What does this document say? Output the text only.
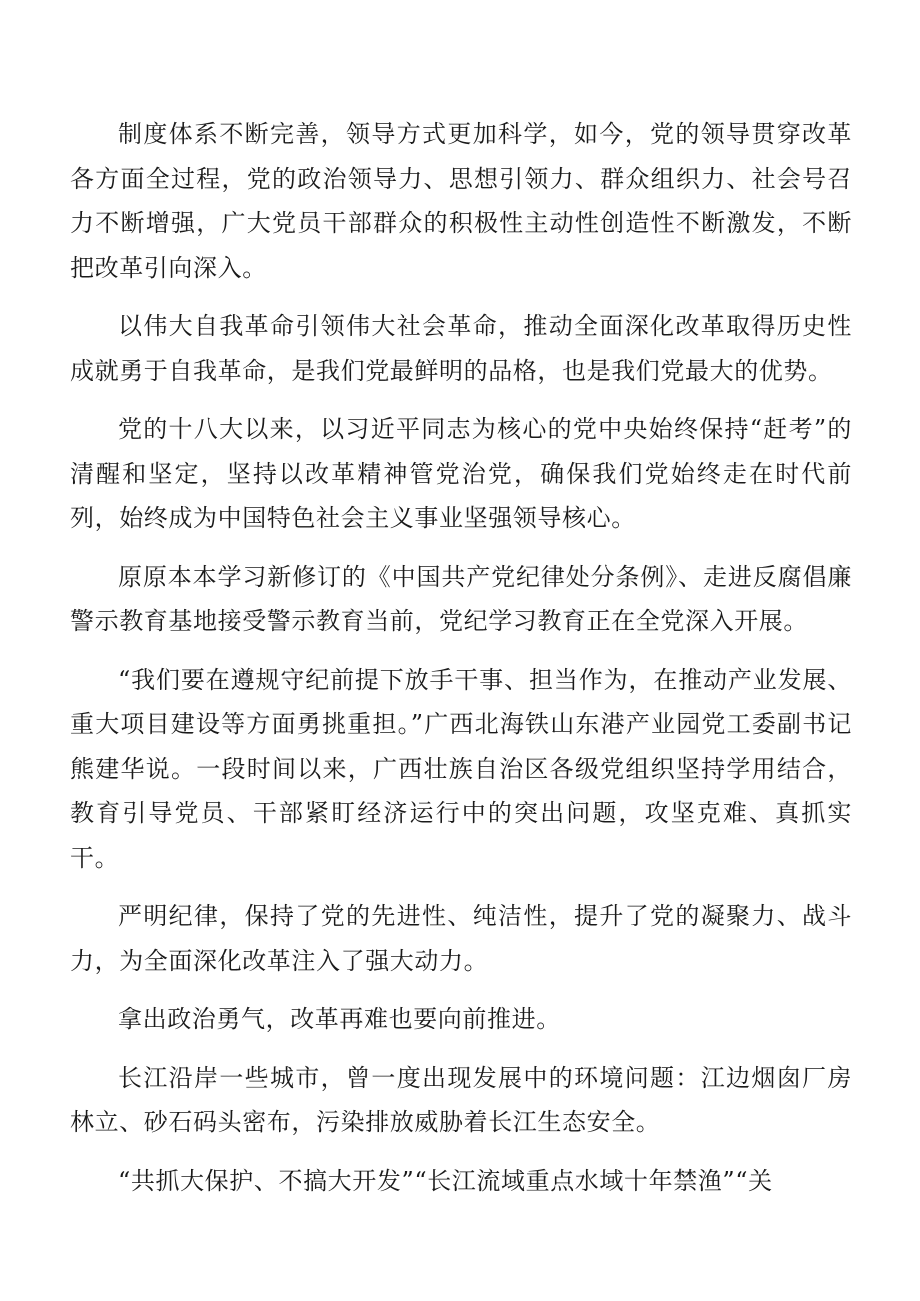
制度体系不断完善，领导方式更加科学，如今，党的领导贯穿改革各方面全过程，党的政治领导力、思想引领力、群众组织力、社会号召力不断增强，广大党员干部群众的积极性主动性创造性不断激发，不断把改革引向深入。

以伟大自我革命引领伟大社会革命，推动全面深化改革取得历史性成就勇于自我革命，是我们党最鲜明的品格，也是我们党最大的优势。

党的十八大以来，以习近平同志为核心的党中央始终保持“赶考”的清醒和坚定，坚持以改革精神管党治党，确保我们党始终走在时代前列，始终成为中国特色社会主义事业坚强领导核心。

原原本本学习新修订的《中国共产党纪律处分条例》、走进反腐倡廉警示教育基地接受警示教育当前，党纪学习教育正在全党深入开展。

“我们要在遵规守纪前提下放手干事、担当作为，在推动产业发展、重大项目建设等方面勇挑重担。”广西北海铁山东港产业园党工委副书记熊建华说。一段时间以来，广西壮族自治区各级党组织坚持学用结合，教育引导党员、干部紧盯经济运行中的突出问题，攻坚克难、真抓实干。

严明纪律，保持了党的先进性、纯洁性，提升了党的凝聚力、战斗力，为全面深化改革注入了强大动力。

拿出政治勇气，改革再难也要向前推进。

长江沿岸一些城市，曾一度出现发展中的环境问题：江边烟囱厂房林立、砂石码头密布，污染排放威胁着长江生态安全。

“共抓大保护、不搞大开发”“长江流域重点水域十年禁渔”“关
